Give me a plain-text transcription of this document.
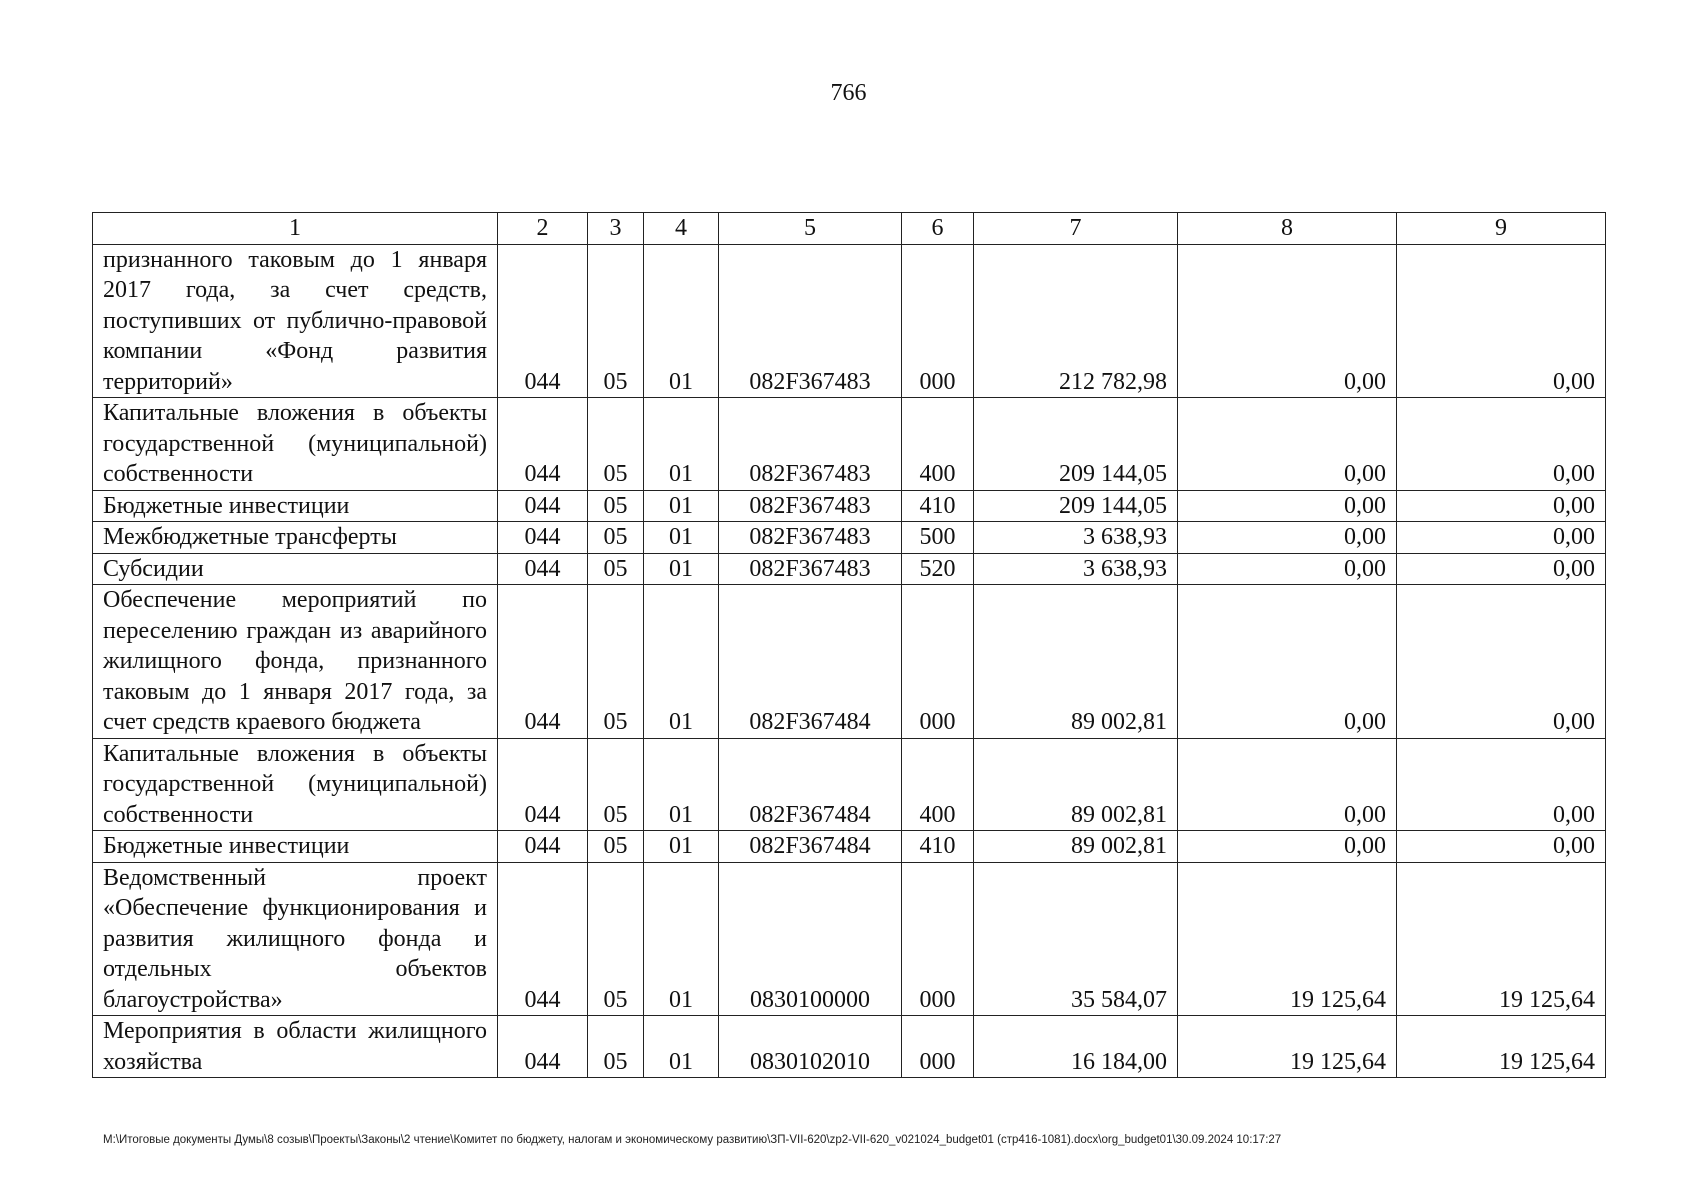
766
1	2	3	4	5	6	7	8	9
признанного таковым до 1 января 2017 года, за счет средств, поступивших от публично-правовой компании «Фонд развития территорий»	044	05	01	082F367483	000	212 782,98	0,00	0,00
Капитальные вложения в объекты государственной (муниципальной) собственности	044	05	01	082F367483	400	209 144,05	0,00	0,00
Бюджетные инвестиции	044	05	01	082F367483	410	209 144,05	0,00	0,00
Межбюджетные трансферты	044	05	01	082F367483	500	3 638,93	0,00	0,00
Субсидии	044	05	01	082F367483	520	3 638,93	0,00	0,00
Обеспечение мероприятий по переселению граждан из аварийного жилищного фонда, признанного таковым до 1 января 2017 года, за счет средств краевого бюджета	044	05	01	082F367484	000	89 002,81	0,00	0,00
Капитальные вложения в объекты государственной (муниципальной) собственности	044	05	01	082F367484	400	89 002,81	0,00	0,00
Бюджетные инвестиции	044	05	01	082F367484	410	89 002,81	0,00	0,00
Ведомственный проект «Обеспечение функционирования и развития жилищного фонда и отдельных объектов благоустройства»	044	05	01	0830100000	000	35 584,07	19 125,64	19 125,64
Мероприятия в области жилищного хозяйства	044	05	01	0830102010	000	16 184,00	19 125,64	19 125,64
M:\Итоговые документы Думы\8 созыв\Проекты\Законы\2 чтение\Комитет по бюджету, налогам и экономическому развитию\ЗП-VII-620\zp2-VII-620_v021024_budget01 (стр416-1081).docx\org_budget01\30.09.2024 10:17:27
